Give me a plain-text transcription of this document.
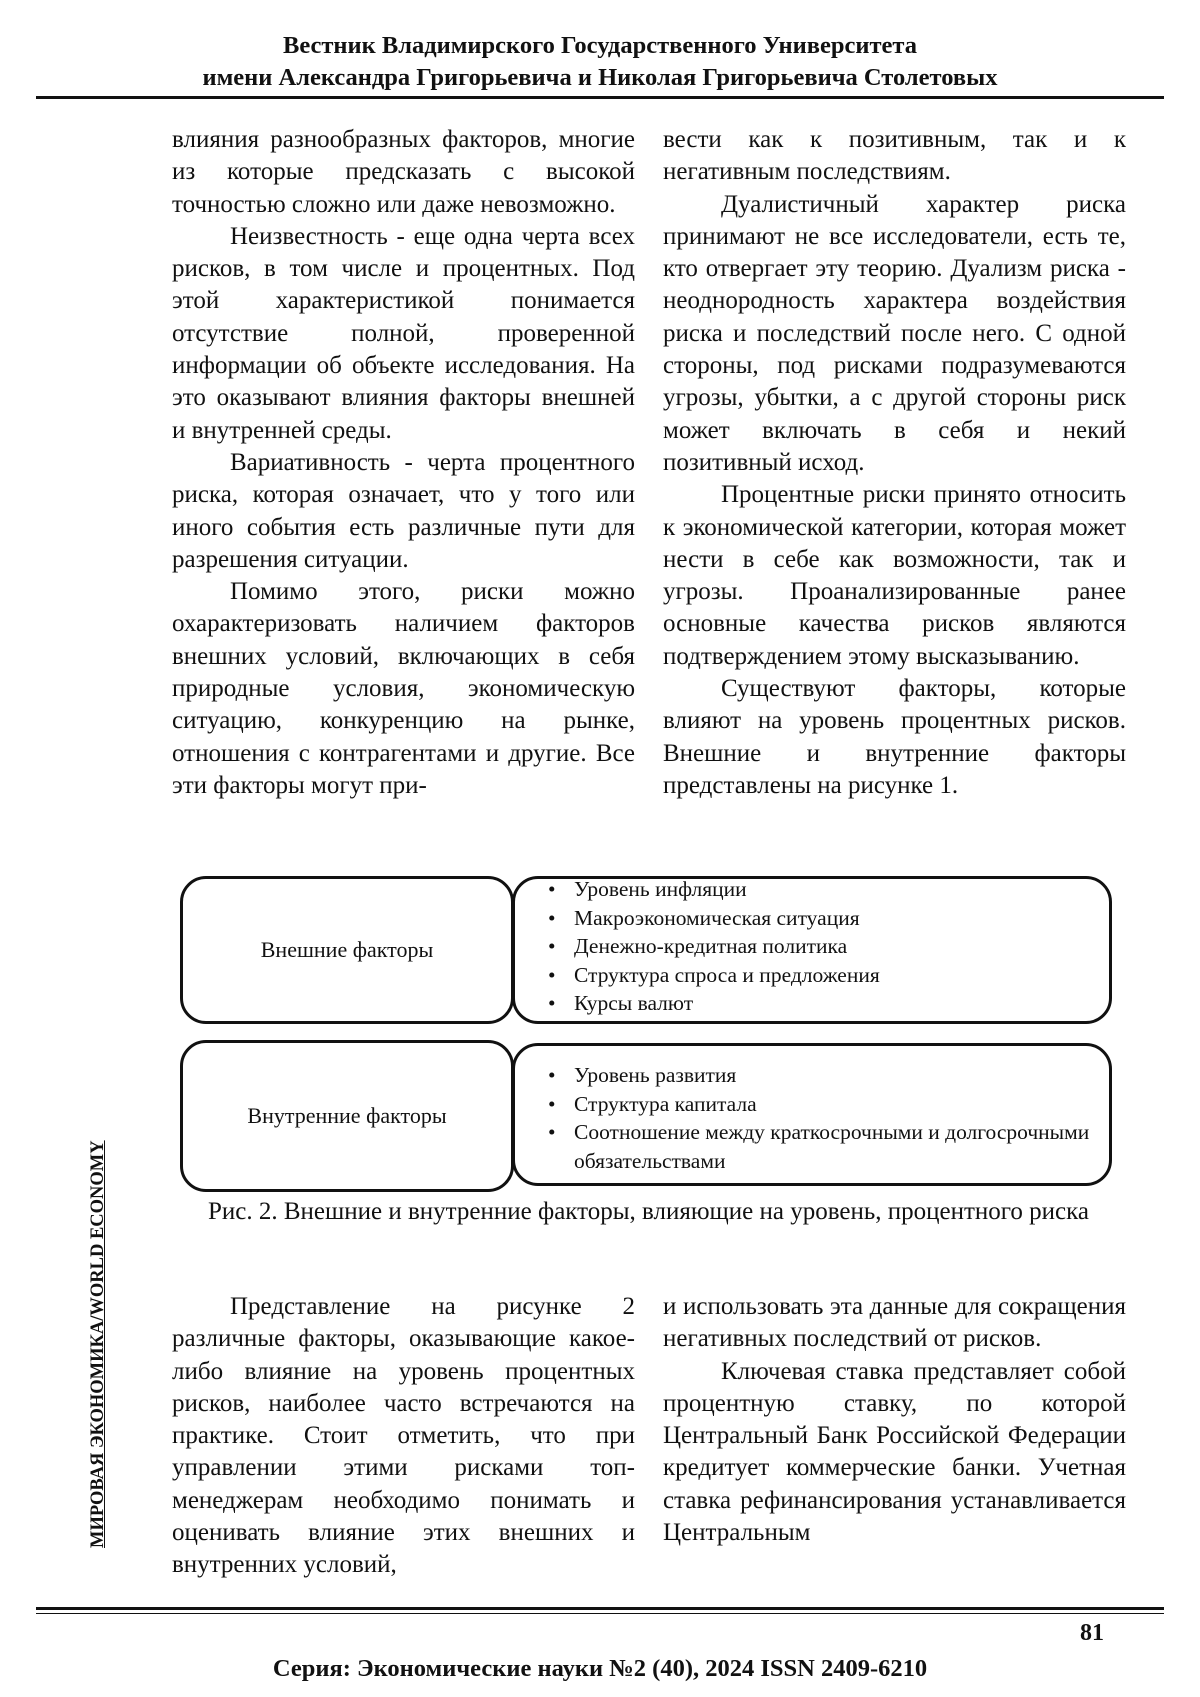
Вестник Владимирского Государственного Университета
имени Александра Григорьевича и Николая Григорьевича Столетовых
МИРОВАЯ ЭКОНОМИКА/WORLD ECONOMY

влияния разнообразных факторов, многие из которые предсказать с высокой точностью сложно или даже невозможно.

Неизвестность - еще одна черта всех рисков, в том числе и процентных. Под этой характеристикой понимается отсутствие полной, проверенной информации об объекте исследования. На это оказывают влияния факторы внешней и внутренней среды.

Вариативность - черта процентного риска, которая означает, что у того или иного события есть различные пути для разрешения ситуации.

Помимо этого, риски можно охарактеризовать наличием факторов внешних условий, включающих в себя природные условия, экономическую ситуацию, конкуренцию на рынке, отношения с контрагентами и другие. Все эти факторы могут при-

вести как к позитивным, так и к негативным последствиям.

Дуалистичный характер риска принимают не все исследователи, есть те, кто отвергает эту теорию. Дуализм риска - неоднородность характера воздействия риска и последствий после него. С одной стороны, под рисками подразумеваются угрозы, убытки, а с другой стороны риск может включать в себя и некий позитивный исход.

Процентные риски принято относить к экономической категории, которая может нести в себе как возможности, так и угрозы. Проанализированные ранее основные качества рисков являются подтверждением этому высказыванию.

Существуют факторы, которые влияют на уровень процентных рисков. Внешние и внутренние факторы представлены на рисунке 1.

• Уровень инфляции
• Макроэкономическая ситуация
• Денежно-кредитная политика
• Структура спроса и предложения
• Курсы валют
Внешние факторы
• Уровень развития
• Структура капитала
• Соотношение между краткосрочными и долгосрочными обязательствами
Внутренние факторы
Рис. 2. Внешние и внутренние факторы, влияющие на уровень, процентного риска

Представление на рисунке 2 различные факторы, оказывающие какое-либо влияние на уровень процентных рисков, наиболее часто встречаются на практике. Стоит отметить, что при управлении этими рисками топ-менеджерам необходимо понимать и оценивать влияние этих внешних и внутренних условий,

и использовать эта данные для сокращения негативных последствий от рисков.

Ключевая ставка представляет собой процентную ставку, по которой Центральный Банк Российской Федерации кредитует коммерческие банки. Учетная ставка рефинансирования устанавливается Центральным

81
Серия: Экономические науки №2 (40), 2024 ISSN 2409-6210
